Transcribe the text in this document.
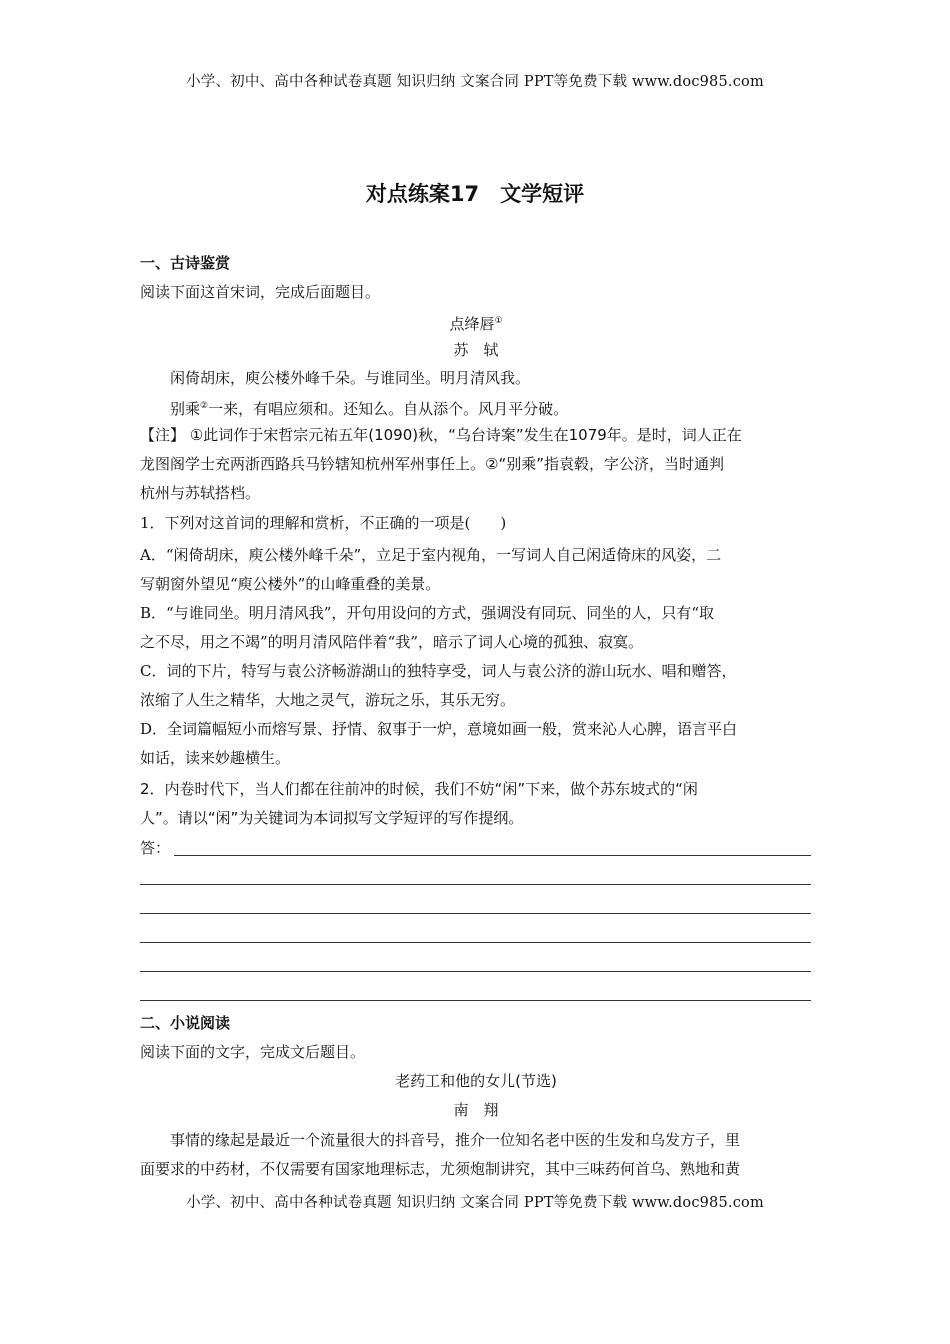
小学、初中、高中各种试卷真题 知识归纳 文案合同 PPT等免费下载 www.doc985.com
对点练案17　文学短评
一、古诗鉴赏
阅读下面这首宋词，完成后面题目。
点绛唇①
苏　轼
闲倚胡床，庾公楼外峰千朵。与谁同坐。明月清风我。
别乘②一来，有唱应须和。还知么。自从添个。风月平分破。
【注】 ①此词作于宋哲宗元祐五年(1090)秋，“乌台诗案”发生在1079年。是时，词人正在
龙图阁学士充两浙西路兵马钤辖知杭州军州事任上。②“别乘”指袁毂，字公济，当时通判
杭州与苏轼搭档。
1．下列对这首词的理解和赏析，不正确的一项是(　　)
A．“闲倚胡床，庾公楼外峰千朵”，立足于室内视角，一写词人自己闲适倚床的风姿，二
写朝窗外望见“庾公楼外”的山峰重叠的美景。
B．“与谁同坐。明月清风我”，开句用设问的方式，强调没有同玩、同坐的人，只有“取
之不尽，用之不竭”的明月清风陪伴着“我”，暗示了词人心境的孤独、寂寞。
C．词的下片，特写与袁公济畅游湖山的独特享受，词人与袁公济的游山玩水、唱和赠答，
浓缩了人生之精华，大地之灵气，游玩之乐，其乐无穷。
D．全词篇幅短小而熔写景、抒情、叙事于一炉，意境如画一般，赏来沁人心脾，语言平白
如话，读来妙趣横生。
2．内卷时代下，当人们都在往前冲的时候，我们不妨“闲”下来，做个苏东坡式的“闲
人”。请以“闲”为关键词为本词拟写文学短评的写作提纲。
答：
二、小说阅读
阅读下面的文字，完成文后题目。
老药工和他的女儿(节选)
南　翔
事情的缘起是最近一个流量很大的抖音号，推介一位知名老中医的生发和乌发方子，里
面要求的中药材，不仅需要有国家地理标志，尤须炮制讲究，其中三味药何首乌、熟地和黄
小学、初中、高中各种试卷真题 知识归纳 文案合同 PPT等免费下载 www.doc985.com
